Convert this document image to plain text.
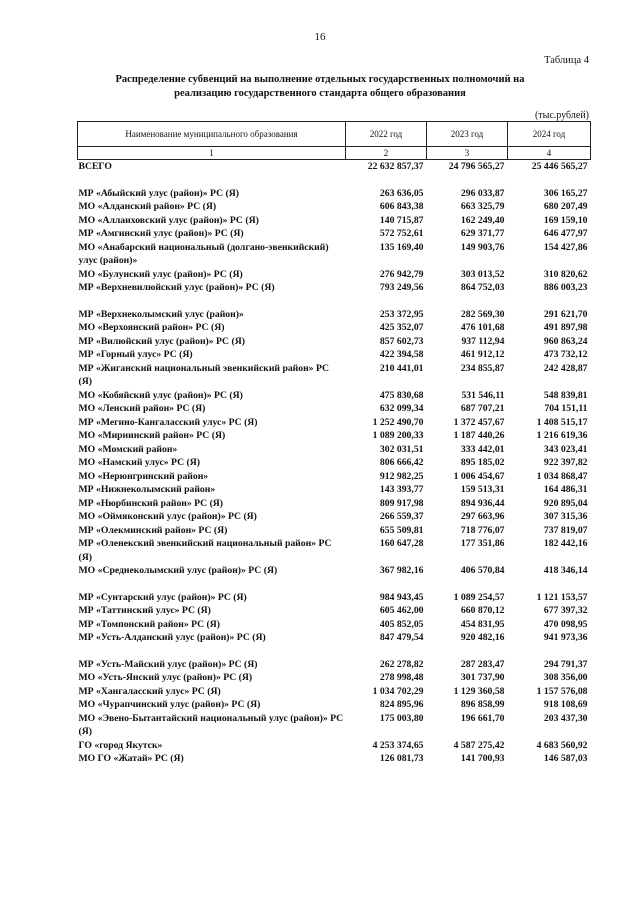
16
Таблица 4
Распределение субвенций на выполнение отдельных государственных полномочий на реализацию государственного стандарта общего образования
(тыс.рублей)
Наименование муниципального образования	2022 год	2023 год	2024 год
1	2	3	4
ВСЕГО	22 632 857,37	24 796 565,27	25 446 565,27

МР «Абыйский улус (район)» РС (Я)	263 636,05	296 033,87	306 165,27
МО «Алданский район» РС (Я)	606 843,38	663 325,79	680 207,49
МО «Аллаиховский улус (район)» РС (Я)	140 715,87	162 249,40	169 159,10
МР «Амгинский улус (район)» РС (Я)	572 752,61	629 371,77	646 477,97
МО «Анабарский национальный (долгано-эвенкийский) улус (район)»	135 169,40	149 903,76	154 427,86
МО «Булунский улус (район)» РС (Я)	276 942,79	303 013,52	310 820,62
МР «Верхневилюйский улус (район)» РС (Я)	793 249,56	864 752,03	886 003,23

МР «Верхнеколымский улус (район)»	253 372,95	282 569,30	291 621,70
МО «Верхоянский район» РС (Я)	425 352,07	476 101,68	491 897,98
МР «Вилюйский улус (район)» РС (Я)	857 602,73	937 112,94	960 863,24
МР «Горный улус» РС (Я)	422 394,58	461 912,12	473 732,12
МР «Жиганский национальный эвенкийский район» РС (Я)	210 441,01	234 855,87	242 428,87
МО «Кобяйский улус (район)» РС (Я)	475 830,68	531 546,11	548 839,81
МО «Ленский район» РС (Я)	632 099,34	687 707,21	704 151,11
МР «Мегино-Кангаласский улус» РС (Я)	1 252 490,70	1 372 457,67	1 408 515,17
МО «Мирнинский район» РС (Я)	1 089 200,33	1 187 440,26	1 216 619,36
МО «Момский район»	302 031,51	333 442,01	343 023,41
МО «Намский улус» РС (Я)	806 666,42	895 185,02	922 397,82
МО «Нерюнгринский район»	912 982,25	1 006 454,67	1 034 868,47
МР «Нижнеколымский район»	143 393,77	159 513,31	164 486,31
МР «Нюрбинский район» РС (Я)	809 917,98	894 936,44	920 895,04
МО «Оймяконский улус (район)» РС (Я)	266 559,37	297 663,96	307 315,36
МР «Олекминский район» РС (Я)	655 509,81	718 776,07	737 819,07
МР «Оленекский эвенкийский национальный район» РС (Я)	160 647,28	177 351,86	182 442,16
МО «Среднеколымский улус (район)» РС (Я)	367 982,16	406 570,84	418 346,14

МР «Сунтарский улус (район)» РС (Я)	984 943,45	1 089 254,57	1 121 153,57
МР «Таттинский улус» РС (Я)	605 462,00	660 870,12	677 397,32
МР «Томпонский район» РС (Я)	405 852,05	454 831,95	470 098,95
МР «Усть-Алданский улус (район)» РС (Я)	847 479,54	920 482,16	941 973,36

МР «Усть-Майский улус (район)» РС (Я)	262 278,82	287 283,47	294 791,37
МО «Усть-Янский улус (район)» РС (Я)	278 998,48	301 737,90	308 356,00
МР «Хангаласский улус» РС (Я)	1 034 702,29	1 129 360,58	1 157 576,08
МО «Чурапчинский улус (район)» РС (Я)	824 895,96	896 858,99	918 108,69
МО «Эвено-Бытантайский национальный улус (район)» РС (Я)	175 003,80	196 661,70	203 437,30
ГО «город Якутск»	4 253 374,65	4 587 275,42	4 683 560,92
МО ГО «Жатай» РС (Я)	126 081,73	141 700,93	146 587,03
